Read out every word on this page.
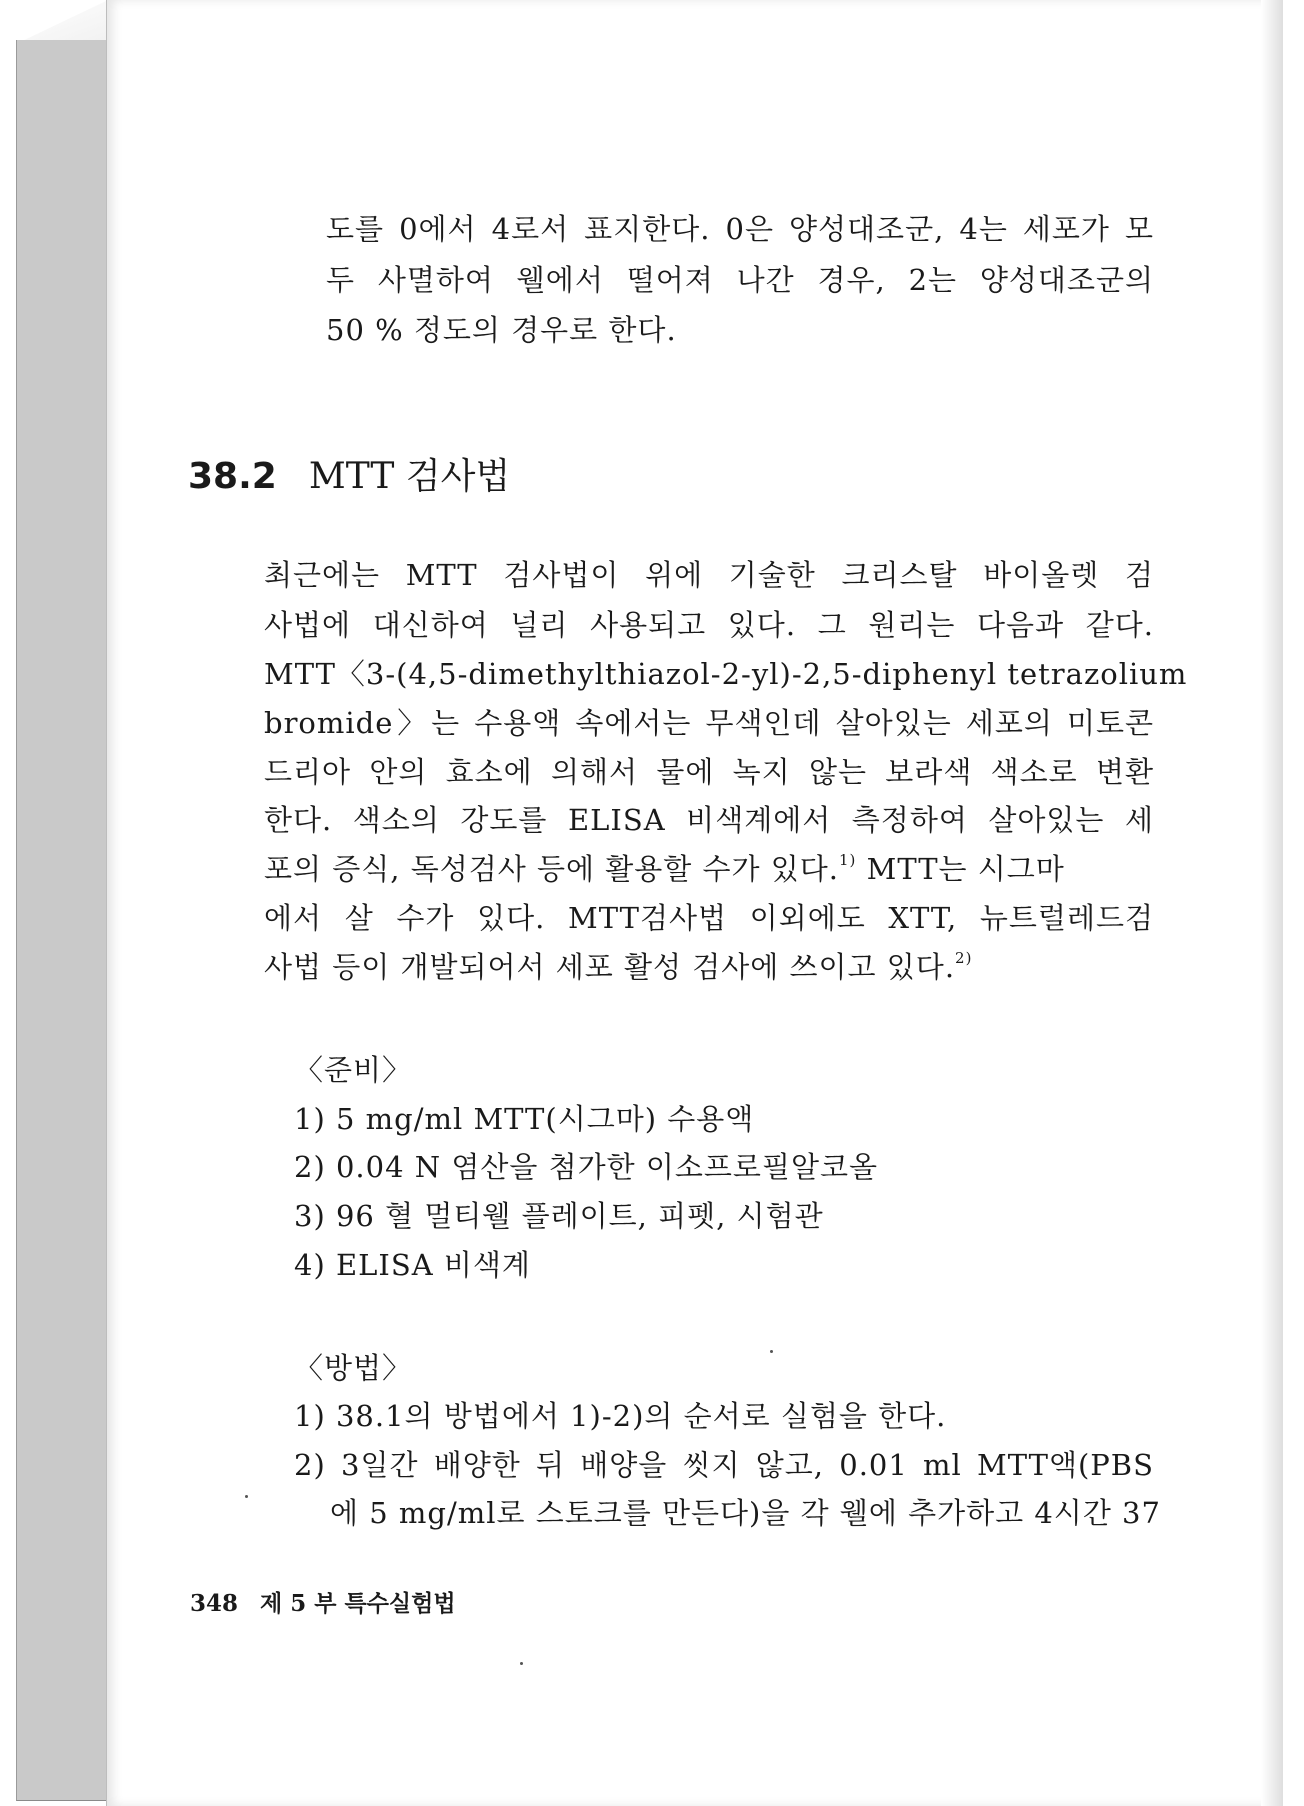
도를 0에서 4로서 표지한다. 0은 양성대조군, 4는 세포가 모
두 사멸하여 웰에서 떨어져 나간 경우, 2는 양성대조군의
50 % 정도의 경우로 한다.
38.2 MTT 검사법
최근에는 MTT 검사법이 위에 기술한 크리스탈 바이올렛 검
사법에 대신하여 널리 사용되고 있다. 그 원리는 다음과 같다.
MTT〈3-(4,5-dimethylthiazol-2-yl)-2,5-diphenyl tetrazolium
bromide〉는 수용액 속에서는 무색인데 살아있는 세포의 미토콘
드리아 안의 효소에 의해서 물에 녹지 않는 보라색 색소로 변환
한다. 색소의 강도를 ELISA 비색계에서 측정하여 살아있는 세
포의 증식, 독성검사 등에 활용할 수가 있다.$^{1)}$ MTT는 시그마
에서 살 수가 있다. MTT검사법 이외에도 XTT, 뉴트럴레드검
사법 등이 개발되어서 세포 활성 검사에 쓰이고 있다.$^{2)}$
〈준비〉
1) 5 mg/ml MTT(시그마) 수용액
2) 0.04 N 염산을 첨가한 이소프로필알코올
3) 96 혈 멀티웰 플레이트, 피펫, 시험관
4) ELISA 비색계
〈방법〉
1) 38.1의 방법에서 1)-2)의 순서로 실험을 한다.
2) 3일간 배양한 뒤 배양을 씻지 않고, 0.01 ml MTT액(PBS
에 5 mg/ml로 스토크를 만든다)을 각 웰에 추가하고 4시간 37
348 제 5 부 특수실험법
